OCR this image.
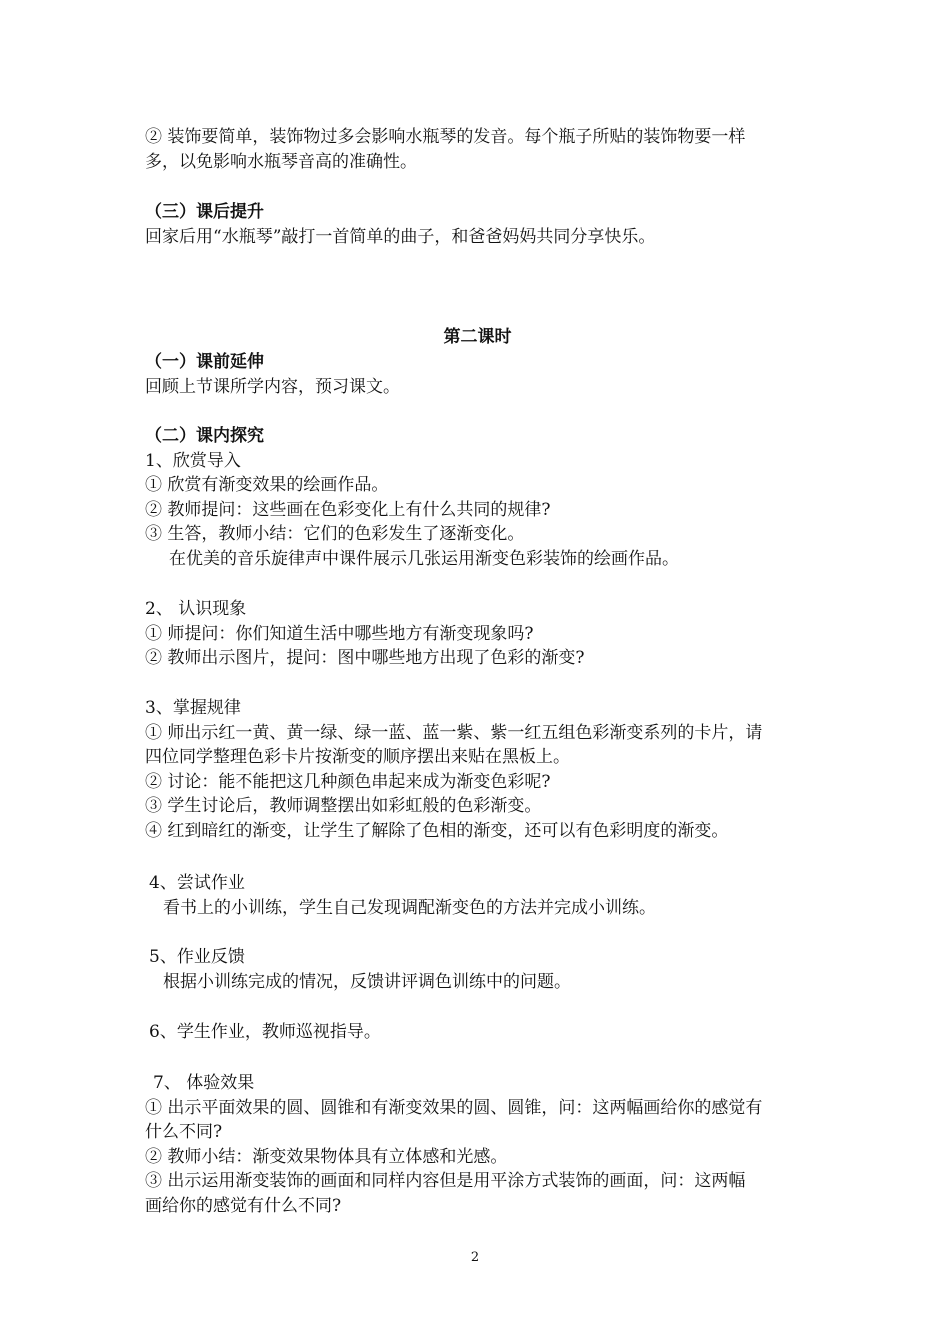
② 装饰要简单，装饰物过多会影响水瓶琴的发音。每个瓶子所贴的装饰物要一样
多，以免影响水瓶琴音高的准确性。
（三）课后提升
回家后用“水瓶琴”敲打一首简单的曲子，和爸爸妈妈共同分享快乐。
第二课时
（一）课前延伸
回顾上节课所学内容，预习课文。
（二）课内探究
1、欣赏导入
① 欣赏有渐变效果的绘画作品。
② 教师提问：这些画在色彩变化上有什么共同的规律?
③ 生答，教师小结：它们的色彩发生了逐渐变化。
在优美的音乐旋律声中课件展示几张运用渐变色彩装饰的绘画作品。
2、 认识现象
① 师提问：你们知道生活中哪些地方有渐变现象吗?
② 教师出示图片，提问：图中哪些地方出现了色彩的渐变?
3、掌握规律
① 师出示红一黄、黄一绿、绿一蓝、蓝一紫、紫一红五组色彩渐变系列的卡片，请
四位同学整理色彩卡片按渐变的顺序摆出来贴在黑板上。
② 讨论：能不能把这几种颜色串起来成为渐变色彩呢?
③ 学生讨论后，教师调整摆出如彩虹般的色彩渐变。
④ 红到暗红的渐变，让学生了解除了色相的渐变，还可以有色彩明度的渐变。
4、尝试作业
看书上的小训练，学生自己发现调配渐变色的方法并完成小训练。
5、作业反馈
根据小训练完成的情况，反馈讲评调色训练中的问题。
6、学生作业，教师巡视指导。
7、 体验效果
① 出示平面效果的圆、圆锥和有渐变效果的圆、圆锥，问：这两幅画给你的感觉有
什么不同?
② 教师小结：渐变效果物体具有立体感和光感。
③ 出示运用渐变装饰的画面和同样内容但是用平涂方式装饰的画面，问：这两幅
画给你的感觉有什么不同?
2
